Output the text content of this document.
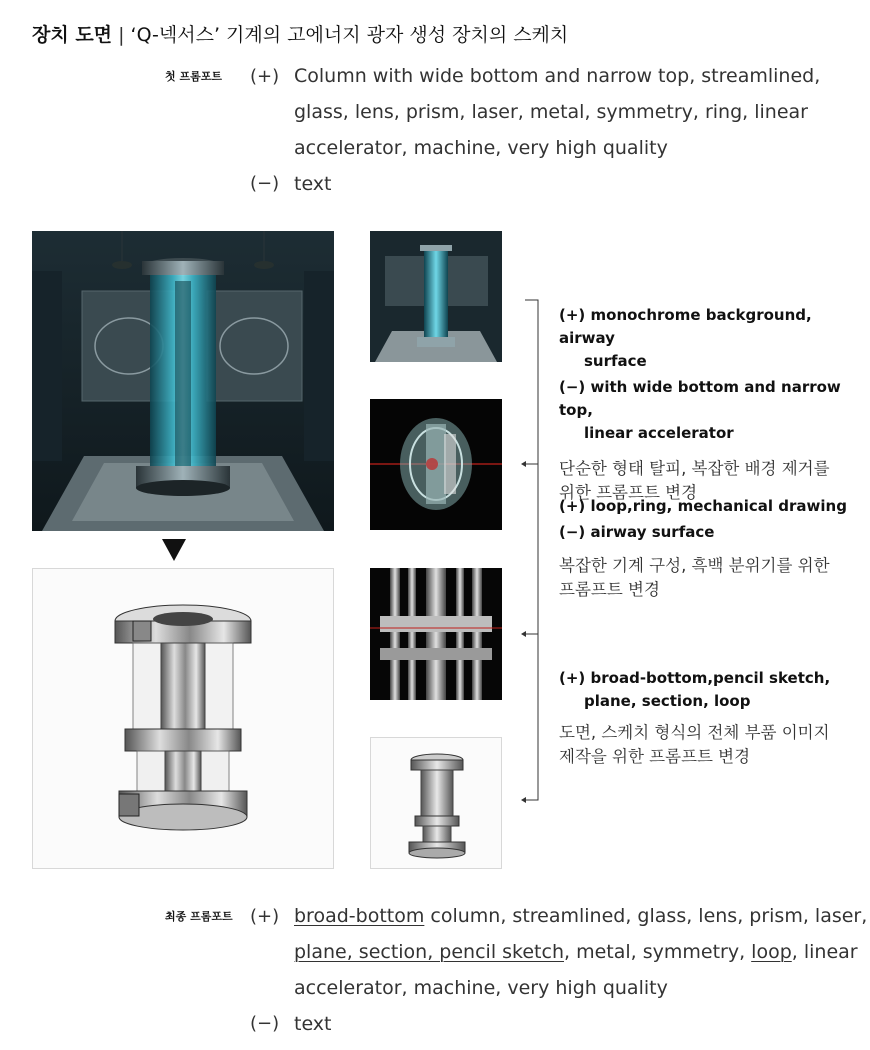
장치 도면 | ‘Q-넥서스’ 기계의 고에너지 광자 생성 장치의 스케치
첫 프롬포트 (+) Column with wide bottom and narrow top, streamlined,
glass, lens, prism, laser, metal, symmetry, ring, linear
accelerator, machine, very high quality
(−) text
(+) monochrome background, airway
surface
(−) with wide bottom and narrow top,
linear accelerator
단순한 형태 탈피, 복잡한 배경 제거를
위한 프롬프트 변경
(+) loop,ring, mechanical drawing
(−) airway surface
복잡한 기계 구성, 흑백 분위기를 위한
프롬프트 변경
(+) broad-bottom,pencil sketch,
plane, section, loop
도면, 스케치 형식의 전체 부품 이미지
제작을 위한 프롬프트 변경
최종 프롬포트 (+) broad-bottom column, streamlined, glass, lens, prism, laser,
plane, section, pencil sketch, metal, symmetry, loop, linear
accelerator, machine, very high quality
(−) text
